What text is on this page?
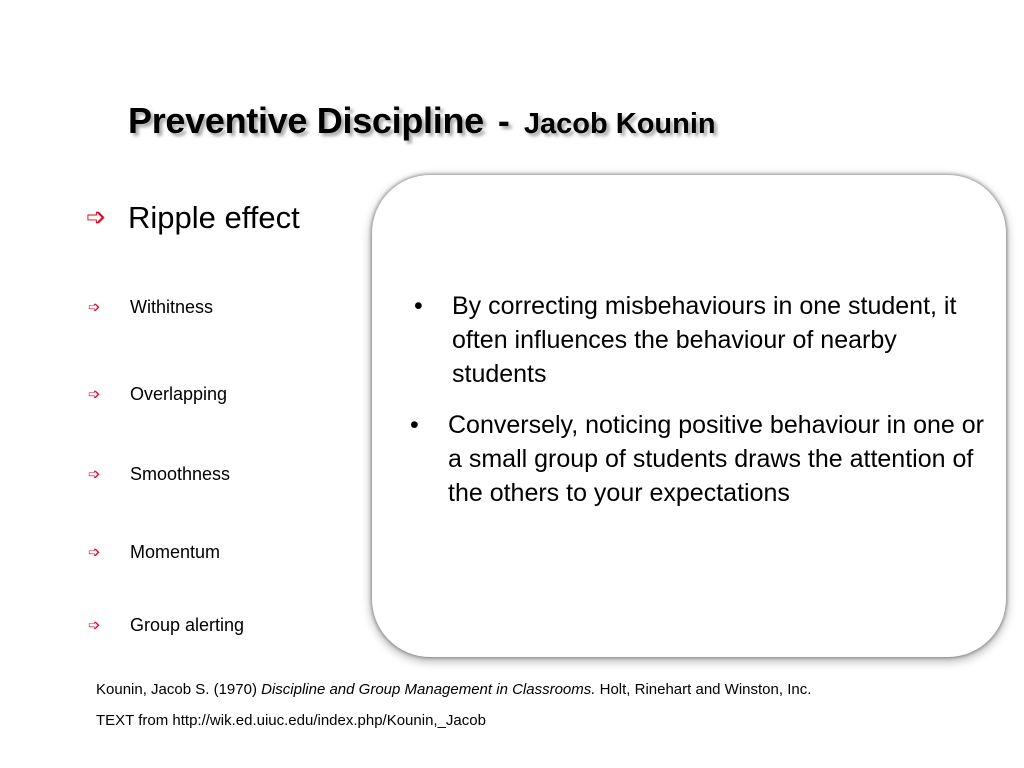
Preventive Discipline - Jacob Kounin
➩ Ripple effect
➩ Withitness
➩ Overlapping
➩ Smoothness
➩ Momentum
➩ Group alerting
• By correcting misbehaviours in one student, it often influences the behaviour of nearby students
• Conversely, noticing positive behaviour in one or a small group of students draws the attention of the others to your expectations
Kounin, Jacob S. (1970) Discipline and Group Management in Classrooms. Holt, Rinehart and Winston, Inc.
TEXT from http://wik.ed.uiuc.edu/index.php/Kounin,_Jacob
